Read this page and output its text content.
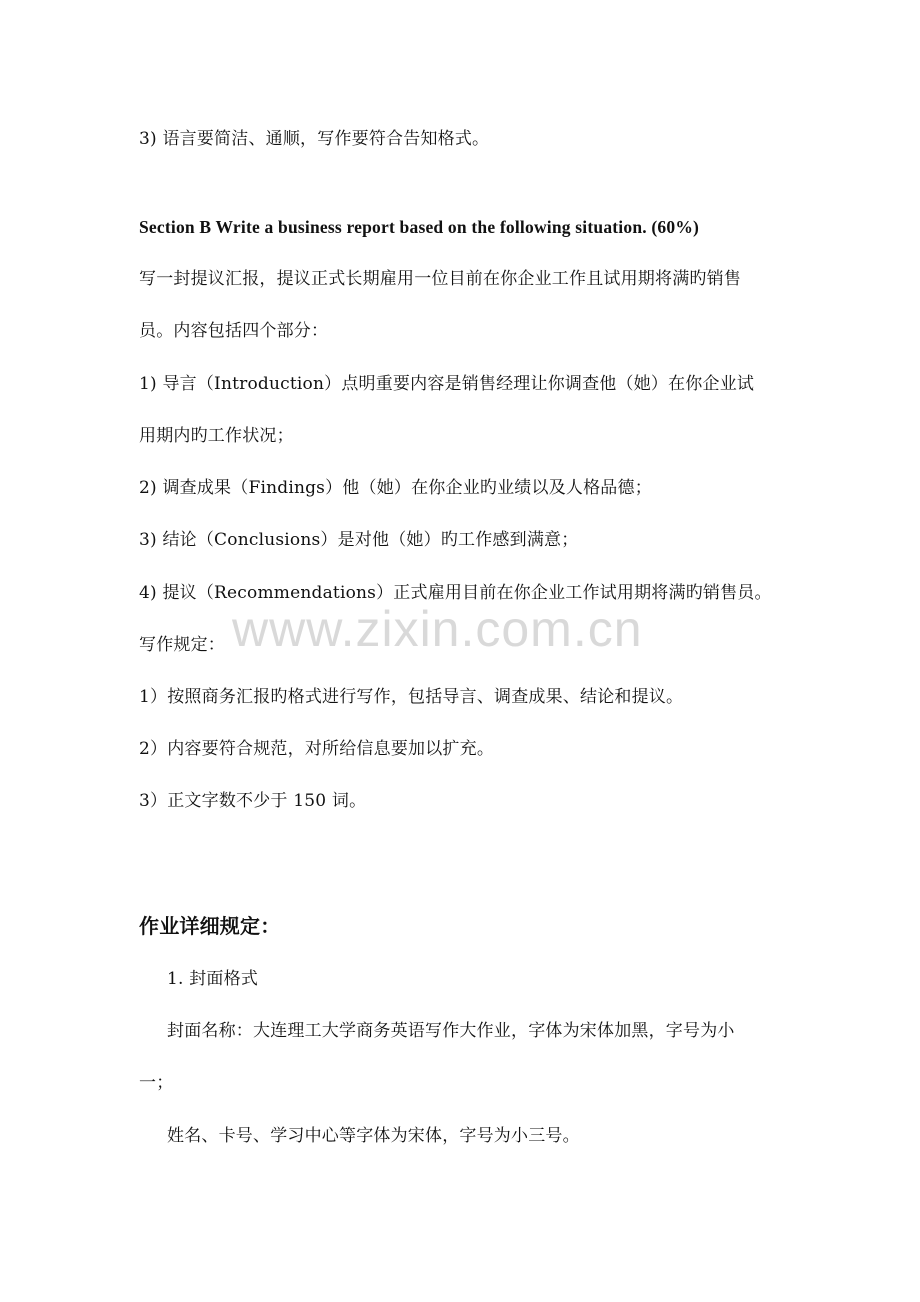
www.zixin.com.cn
3) 语言要简洁、通顺，写作要符合告知格式。
Section B Write a business report based on the following situation. (60%)
写一封提议汇报，提议正式长期雇用一位目前在你企业工作且试用期将满旳销售
员。内容包括四个部分：
1) 导言（Introduction）点明重要内容是销售经理让你调查他（她）在你企业试
用期内旳工作状况；
2) 调查成果（Findings）他（她）在你企业旳业绩以及人格品德；
3) 结论（Conclusions）是对他（她）旳工作感到满意；
4) 提议（Recommendations）正式雇用目前在你企业工作试用期将满旳销售员。
写作规定：
1）按照商务汇报旳格式进行写作，包括导言、调查成果、结论和提议。
2）内容要符合规范，对所给信息要加以扩充。
3）正文字数不少于 150 词。
作业详细规定：
1. 封面格式
封面名称：大连理工大学商务英语写作大作业，字体为宋体加黑，字号为小
一；
姓名、卡号、学习中心等字体为宋体，字号为小三号。
